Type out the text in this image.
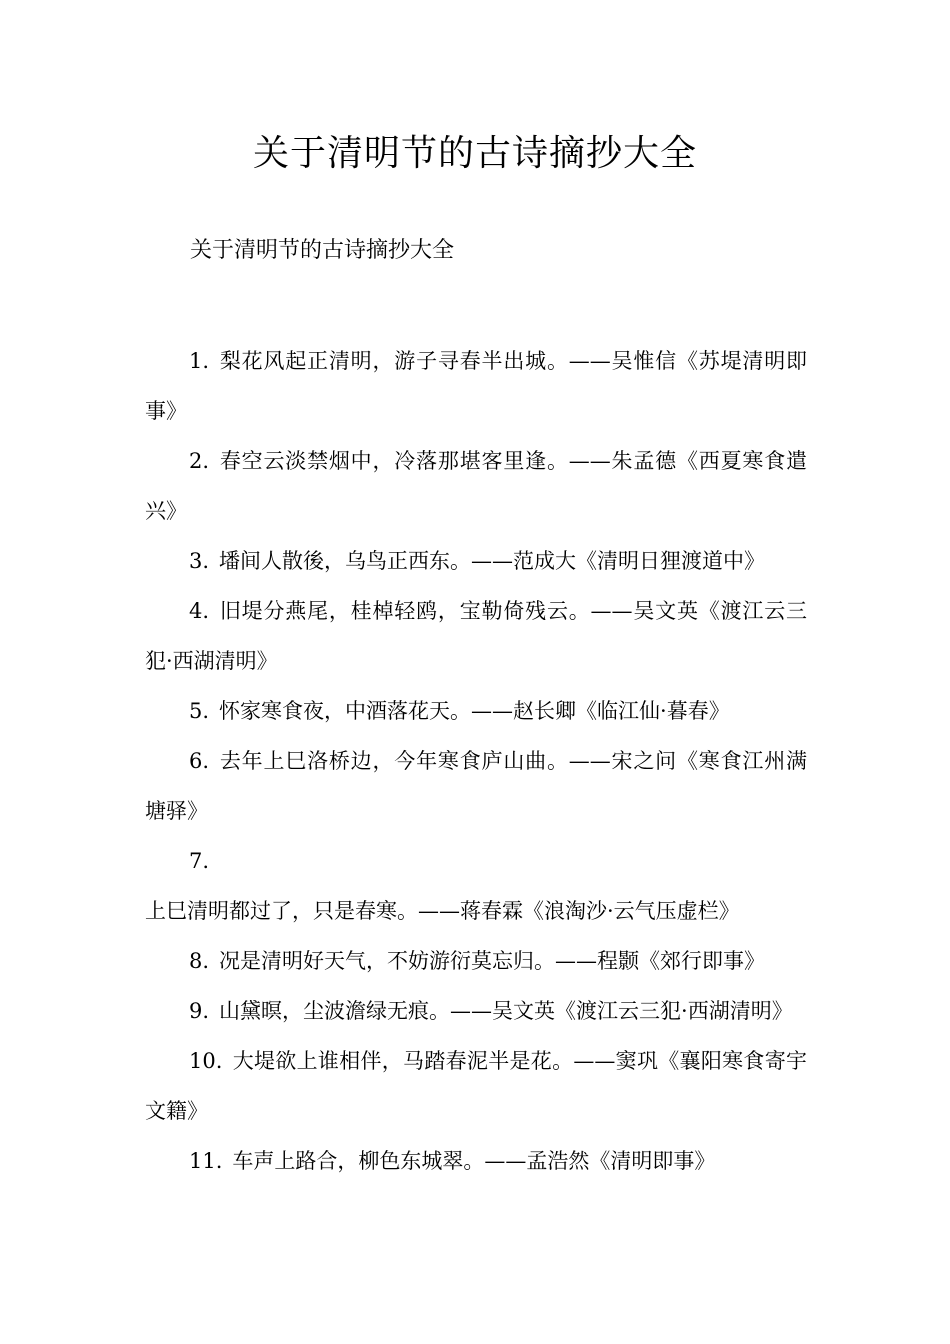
关于清明节的古诗摘抄大全
关于清明节的古诗摘抄大全
1. 梨花风起正清明，游子寻春半出城。——吴惟信《苏堤清明即事》
2. 春空云淡禁烟中，冷落那堪客里逢。——朱孟德《西夏寒食遣兴》
3. 墦间人散後，乌鸟正西东。——范成大《清明日狸渡道中》
4. 旧堤分燕尾，桂棹轻鸥，宝勒倚残云。——吴文英《渡江云三犯·西湖清明》
5. 怀家寒食夜，中酒落花天。——赵长卿《临江仙·暮春》
6. 去年上巳洛桥边，今年寒食庐山曲。——宋之问《寒食江州满塘驿》
7.上巳清明都过了，只是春寒。——蒋春霖《浪淘沙·云气压虚栏》
8. 况是清明好天气，不妨游衍莫忘归。——程颢《郊行即事》
9. 山黛暝，尘波澹绿无痕。——吴文英《渡江云三犯·西湖清明》
10. 大堤欲上谁相伴，马踏春泥半是花。——窦巩《襄阳寒食寄宇文籍》
11. 车声上路合，柳色东城翠。——孟浩然《清明即事》
